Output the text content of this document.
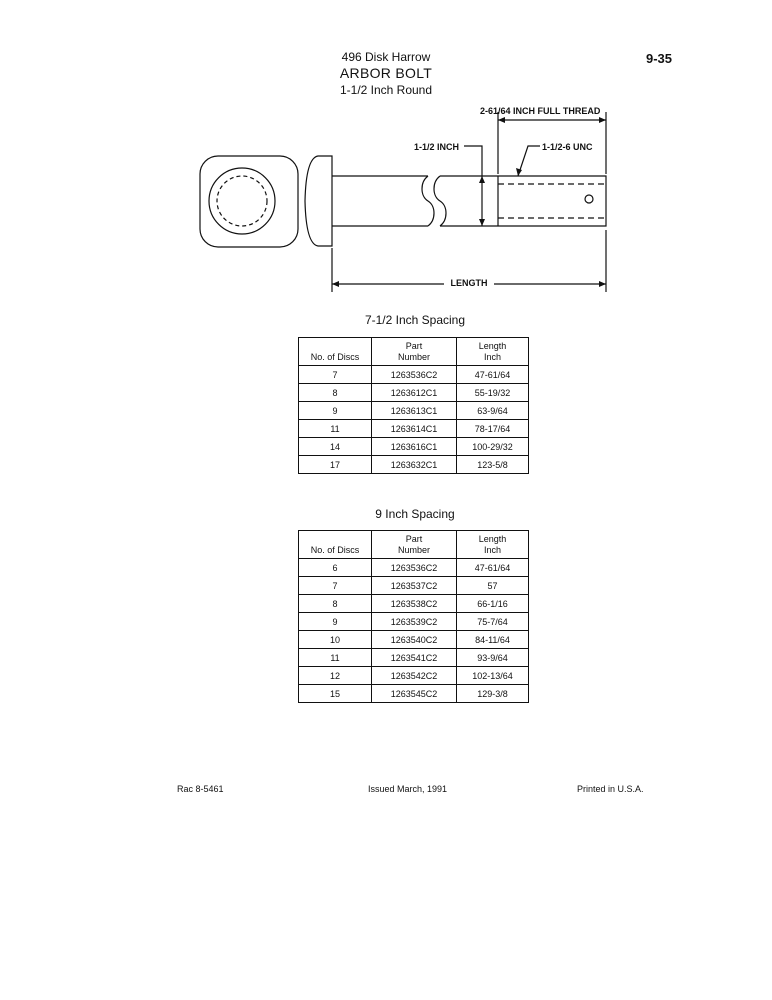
496 Disk Harrow
ARBOR BOLT
1-1/2 Inch Round
9-35
2-61/64 INCH FULL THREAD
1-1/2 INCH	1-1/2-6 UNC
LENGTH
7-1/2 Inch Spacing
No. of Discs	Part Number	Length Inch
7	1263536C2	47-61/64
8	1263612C1	55-19/32
9	1263613C1	63-9/64
11	1263614C1	78-17/64
14	1263616C1	100-29/32
17	1263632C1	123-5/8
9 Inch Spacing
No. of Discs	Part Number	Length Inch
6	1263536C2	47-61/64
7	1263537C2	57
8	1263538C2	66-1/16
9	1263539C2	75-7/64
10	1263540C2	84-11/64
11	1263541C2	93-9/64
12	1263542C2	102-13/64
15	1263545C2	129-3/8
Rac 8-5461	Issued March, 1991	Printed in U.S.A.
